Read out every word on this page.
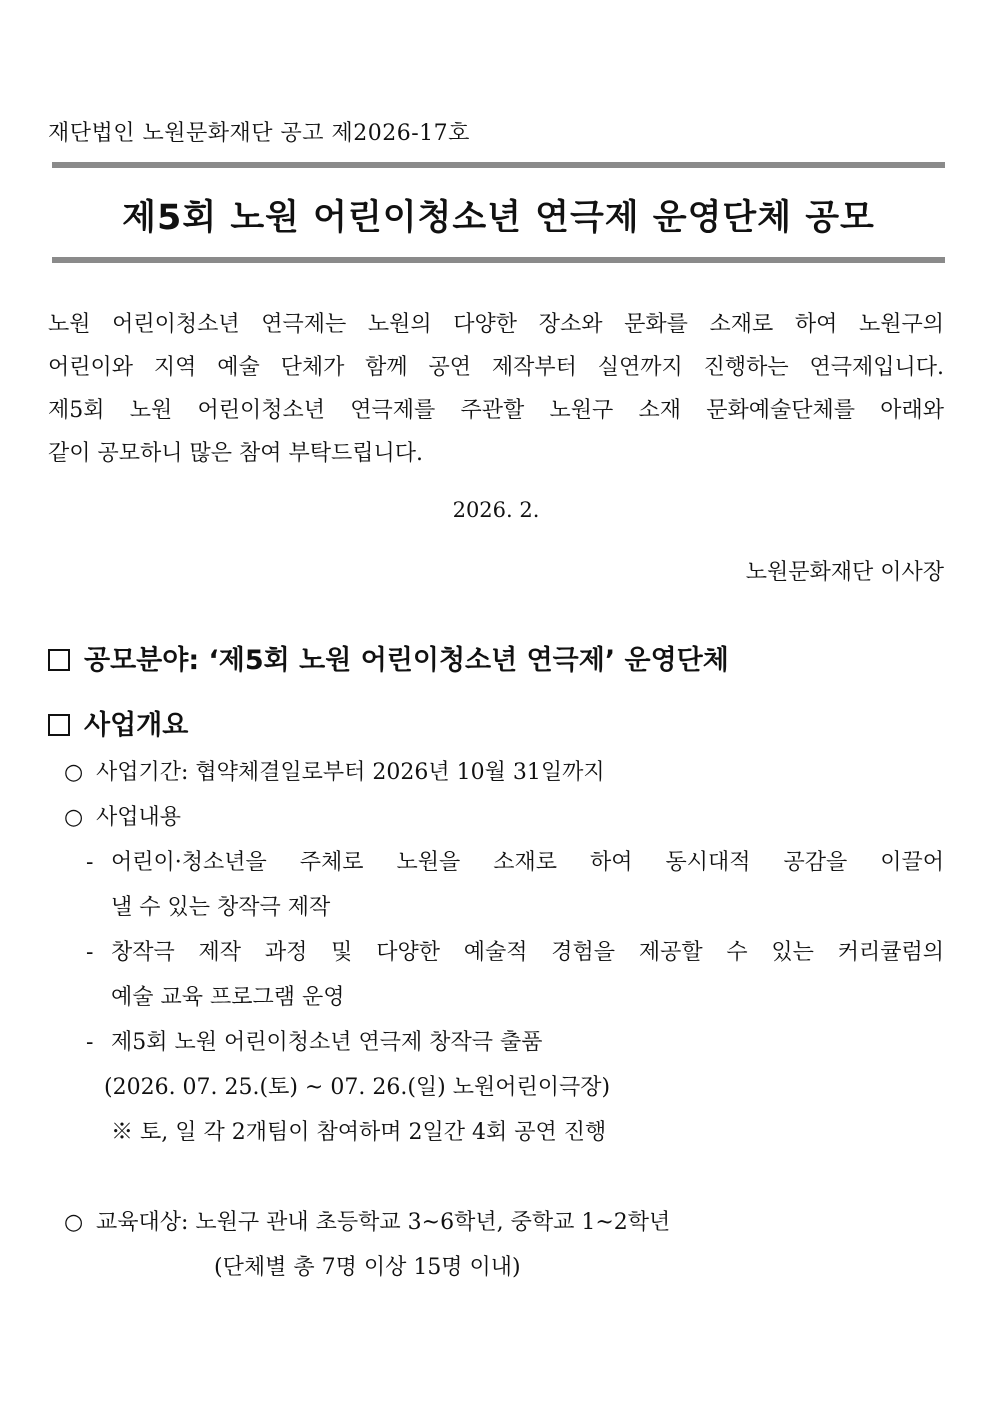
재단법인 노원문화재단 공고 제2026-17호
제5회 노원 어린이청소년 연극제 운영단체 공모
노원 어린이청소년 연극제는 노원의 다양한 장소와 문화를 소재로 하여 노원구의
어린이와 지역 예술 단체가 함께 공연 제작부터 실연까지 진행하는 연극제입니다.
제5회 노원 어린이청소년 연극제를 주관할 노원구 소재 문화예술단체를 아래와
같이 공모하니 많은 참여 부탁드립니다.
2026. 2.
노원문화재단 이사장
공모분야: ‘제5회 노원 어린이청소년 연극제’ 운영단체
사업개요
○ 사업기간: 협약체결일로부터 2026년 10월 31일까지
○ 사업내용
- 어린이·청소년을 주체로 노원을 소재로 하여 동시대적 공감을 이끌어
낼 수 있는 창작극 제작
- 창작극 제작 과정 및 다양한 예술적 경험을 제공할 수 있는 커리큘럼의
예술 교육 프로그램 운영
- 제5회 노원 어린이청소년 연극제 창작극 출품
(2026. 07. 25.(토) ~ 07. 26.(일) 노원어린이극장)
※ 토, 일 각 2개팀이 참여하며 2일간 4회 공연 진행
○ 교육대상: 노원구 관내 초등학교 3~6학년, 중학교 1~2학년
(단체별 총 7명 이상 15명 이내)
